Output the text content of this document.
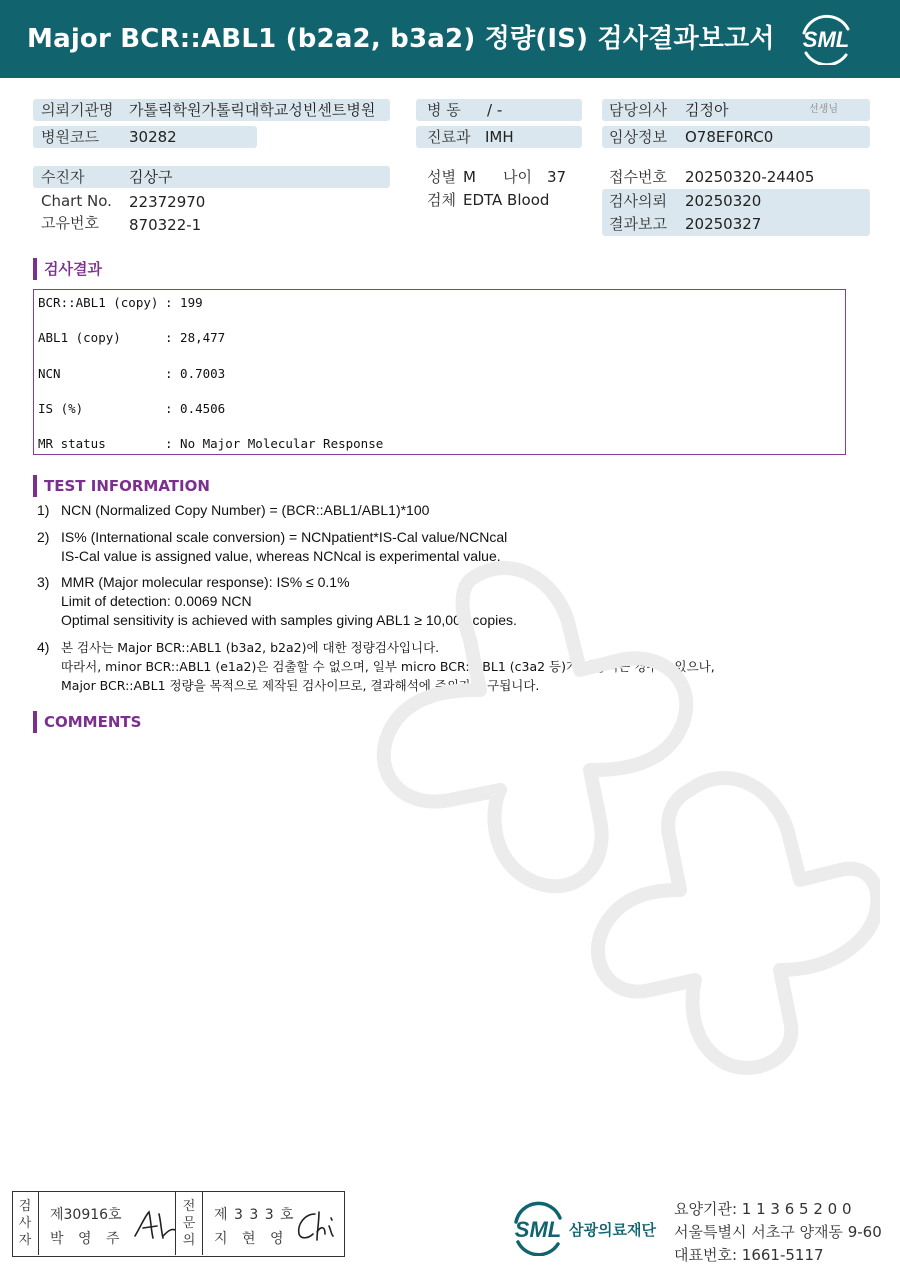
Major BCR::ABL1 (b2a2, b3a2) 정량(IS) 검사결과보고서	SML
의뢰기관명 가톨릭학원가톨릭대학교성빈센트병원
병원코드 30282
수진자	김상구
Chart No. 22372970
고유번호 870322-1
병 동 / -
진료과 IMH
성별 M 나이 37
검체 EDTA Blood
담당의사 김정아	선생님
임상정보 O78EF0RC0
접수번호 20250320-24405
검사의뢰 20250320
결과보고 20250327
검사결과
BCR::ABL1 (copy) : 199
ABL1 (copy)	: 28,477
NCN	: 0.7003
IS (%)	: 0.4506
MR status	: No Major Molecular Response
TEST INFORMATION
1) NCN (Normalized Copy Number) = (BCR::ABL1/ABL1)*100
2) IS% (International scale conversion) = NCNpatient*IS-Cal value/NCNcal
IS-Cal value is assigned value, whereas NCNcal is experimental value.
3) MMR (Major molecular response): IS% ≤ 0.1%
Limit of detection: 0.0069 NCN
Optimal sensitivity is achieved with samples giving ABL1 ≥ 10,000 copies.
4) 본 검사는 Major BCR::ABL1 (b3a2, b2a2)에 대한 정량검사입니다.
따라서, minor BCR::ABL1 (e1a2)은 검출할 수 없으며, 일부 micro BCR::ABL1 (c3a2 등)가 정량되는 경우가 있으나,
Major BCR::ABL1 정량을 목적으로 제작된 검사이므로, 결과해석에 주의가 요구됩니다.
COMMENTS
검
사
자
제30916호
박 영 주
전
문
의
제 3 3 3 호
지 현 영	SML 삼광의료재단
요양기관: 1 1 3 6 5 2 0 0
서울특별시 서초구 양재동 9-60
대표번호: 1661-5117
